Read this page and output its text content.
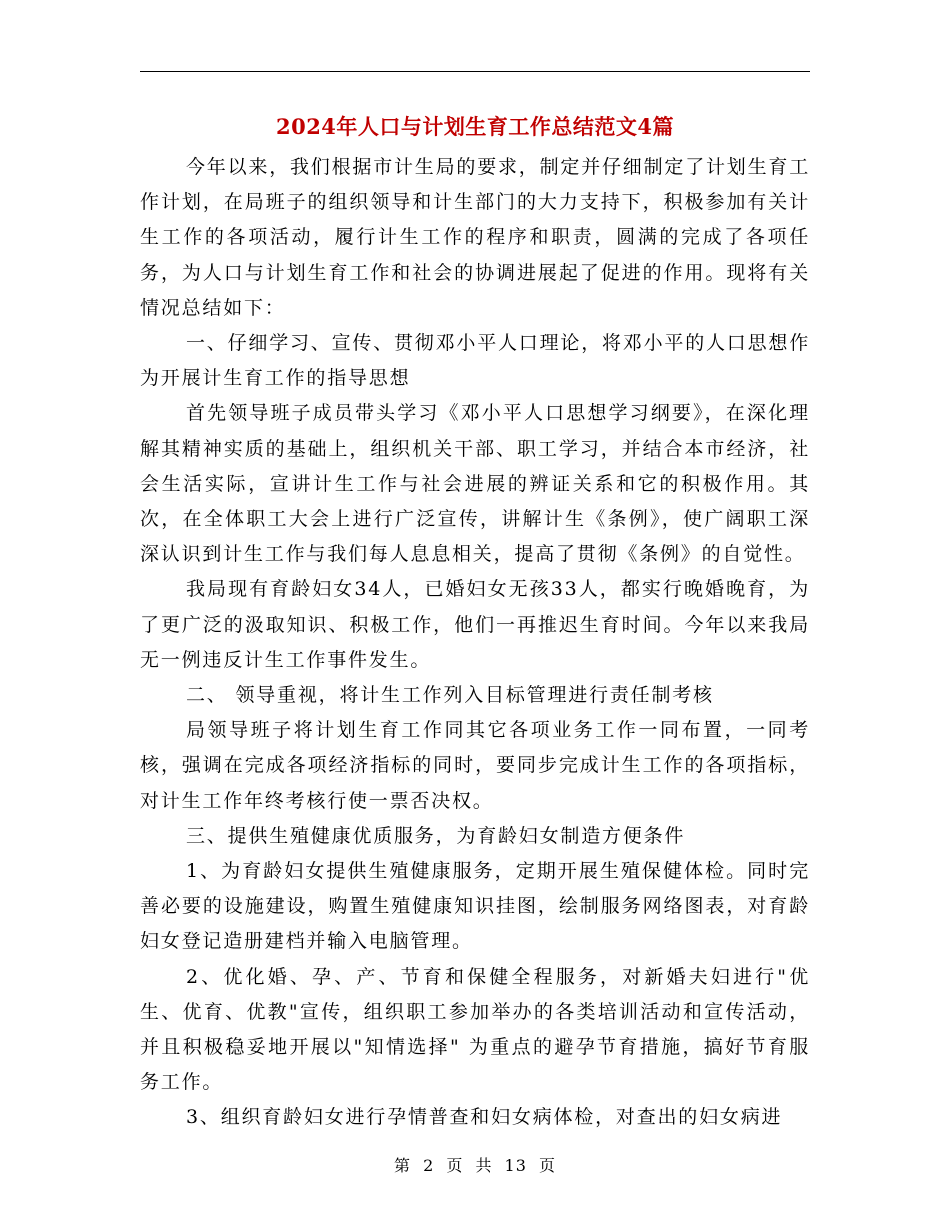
2024年人口与计划生育工作总结范文4篇

今年以来，我们根据市计生局的要求，制定并仔细制定了计划生育工作计划，在局班子的组织领导和计生部门的大力支持下，积极参加有关计生工作的各项活动，履行计生工作的程序和职责，圆满的完成了各项任务，为人口与计划生育工作和社会的协调进展起了促进的作用。现将有关情况总结如下：

一、仔细学习、宣传、贯彻邓小平人口理论，将邓小平的人口思想作为开展计生育工作的指导思想

首先领导班子成员带头学习《邓小平人口思想学习纲要》，在深化理解其精神实质的基础上，组织机关干部、职工学习，并结合本市经济，社会生活实际，宣讲计生工作与社会进展的辨证关系和它的积极作用。其次，在全体职工大会上进行广泛宣传，讲解计生《条例》，使广阔职工深深认识到计生工作与我们每人息息相关，提高了贯彻《条例》的自觉性。

我局现有育龄妇女34人，已婚妇女无孩33人，都实行晚婚晚育，为了更广泛的汲取知识、积极工作，他们一再推迟生育时间。今年以来我局无一例违反计生工作事件发生。

二、 领导重视，将计生工作列入目标管理进行责任制考核

局领导班子将计划生育工作同其它各项业务工作一同布置，一同考核，强调在完成各项经济指标的同时，要同步完成计生工作的各项指标，对计生工作年终考核行使一票否决权。

三、提供生殖健康优质服务，为育龄妇女制造方便条件

1、为育龄妇女提供生殖健康服务，定期开展生殖保健体检。同时完善必要的设施建设，购置生殖健康知识挂图，绘制服务网络图表，对育龄妇女登记造册建档并输入电脑管理。

2、优化婚、孕、产、节育和保健全程服务，对新婚夫妇进行"优生、优育、优教"宣传，组织职工参加举办的各类培训活动和宣传活动，并且积极稳妥地开展以"知情选择" 为重点的避孕节育措施，搞好节育服务工作。

3、组织育龄妇女进行孕情普查和妇女病体检，对查出的妇女病进

第 2 页 共 13 页
